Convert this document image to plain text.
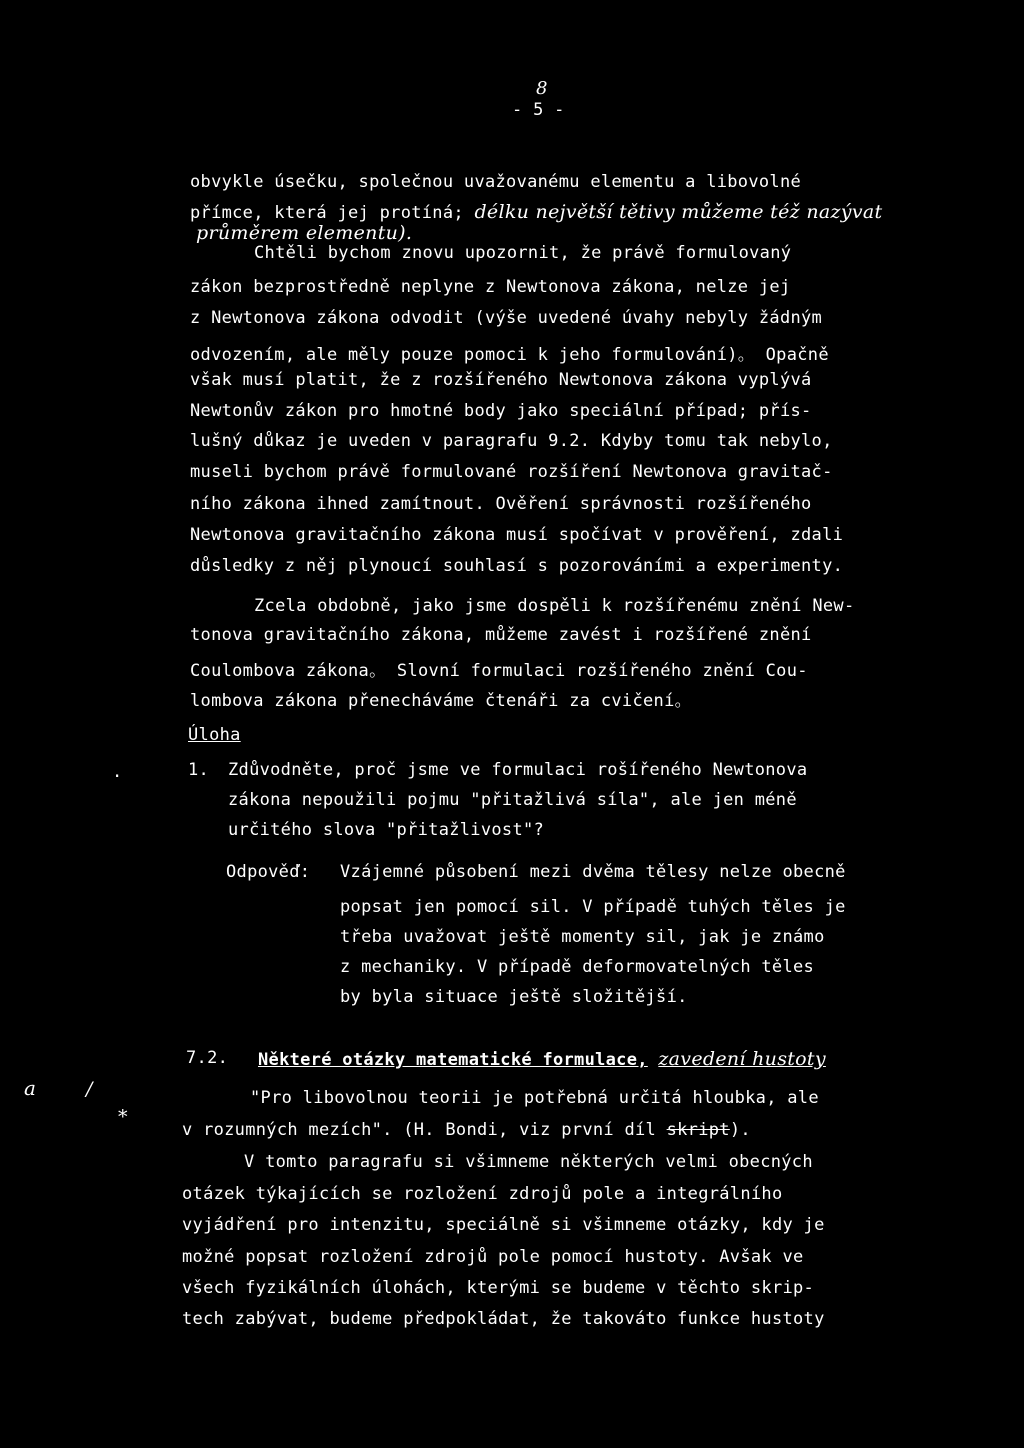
8
- 5 -
obvykle úsečku, společnou uvažovanému elementu a libovolné
přímce, která jej protíná; délku největší tětivy můžeme též nazývat
průměrem elementu).
Chtěli bychom znovu upozornit, že právě formulovaný
zákon bezprostředně neplyne z Newtonova zákona, nelze jej
z Newtonova zákona odvodit (výše uvedené úvahy nebyly žádným
odvozením, ale měly pouze pomoci k jeho formulování)。 Opačně
však musí platit, že z rozšířeného Newtonova zákona vyplývá
Newtonův zákon pro hmotné body jako speciální případ; přís-
lušný důkaz je uveden v paragrafu 9.2. Kdyby tomu tak nebylo,
museli bychom právě formulované rozšíření Newtonova gravitač-
ního zákona ihned zamítnout. Ověření správnosti rozšířeného
Newtonova gravitačního zákona musí spočívat v prověření, zdali
důsledky z něj plynoucí souhlasí s pozorováními a experimenty.
Zcela obdobně, jako jsme dospěli k rozšířenému znění New-
tonova gravitačního zákona, můžeme zavést i rozšířené znění
Coulombova zákona。 Slovní formulaci rozšířeného znění Cou-
lombova zákona přenecháváme čtenáři za cvičení。
Úloha
1. Zdůvodněte, proč jsme ve formulaci rošířeného Newtonova
zákona nepoužili pojmu "přitažlivá síla", ale jen méně
určitého slova "přitažlivost"?
Odpověď: Vzájemné působení mezi dvěma tělesy nelze obecně
popsat jen pomocí sil. V případě tuhých těles je
třeba uvažovat ještě momenty sil, jak je známo
z mechaniky. V případě deformovatelných těles
by byla situace ještě složitější.
7.2. Některé otázky matematické formulace, zavedení hustoty
"Pro libovolnou teorii je potřebná určitá hloubka, ale
v rozumných mezích". (H. Bondi, viz první díl skript).
V tomto paragrafu si všimneme některých velmi obecných
otázek týkajících se rozložení zdrojů pole a integrálního
vyjádření pro intenzitu, speciálně si všimneme otázky, kdy je
možné popsat rozložení zdrojů pole pomocí hustoty. Avšak ve
všech fyzikálních úlohách, kterými se budeme v těchto skrip-
tech zabývat, budeme předpokládat, že takováto funkce hustoty
a	/
*
.
